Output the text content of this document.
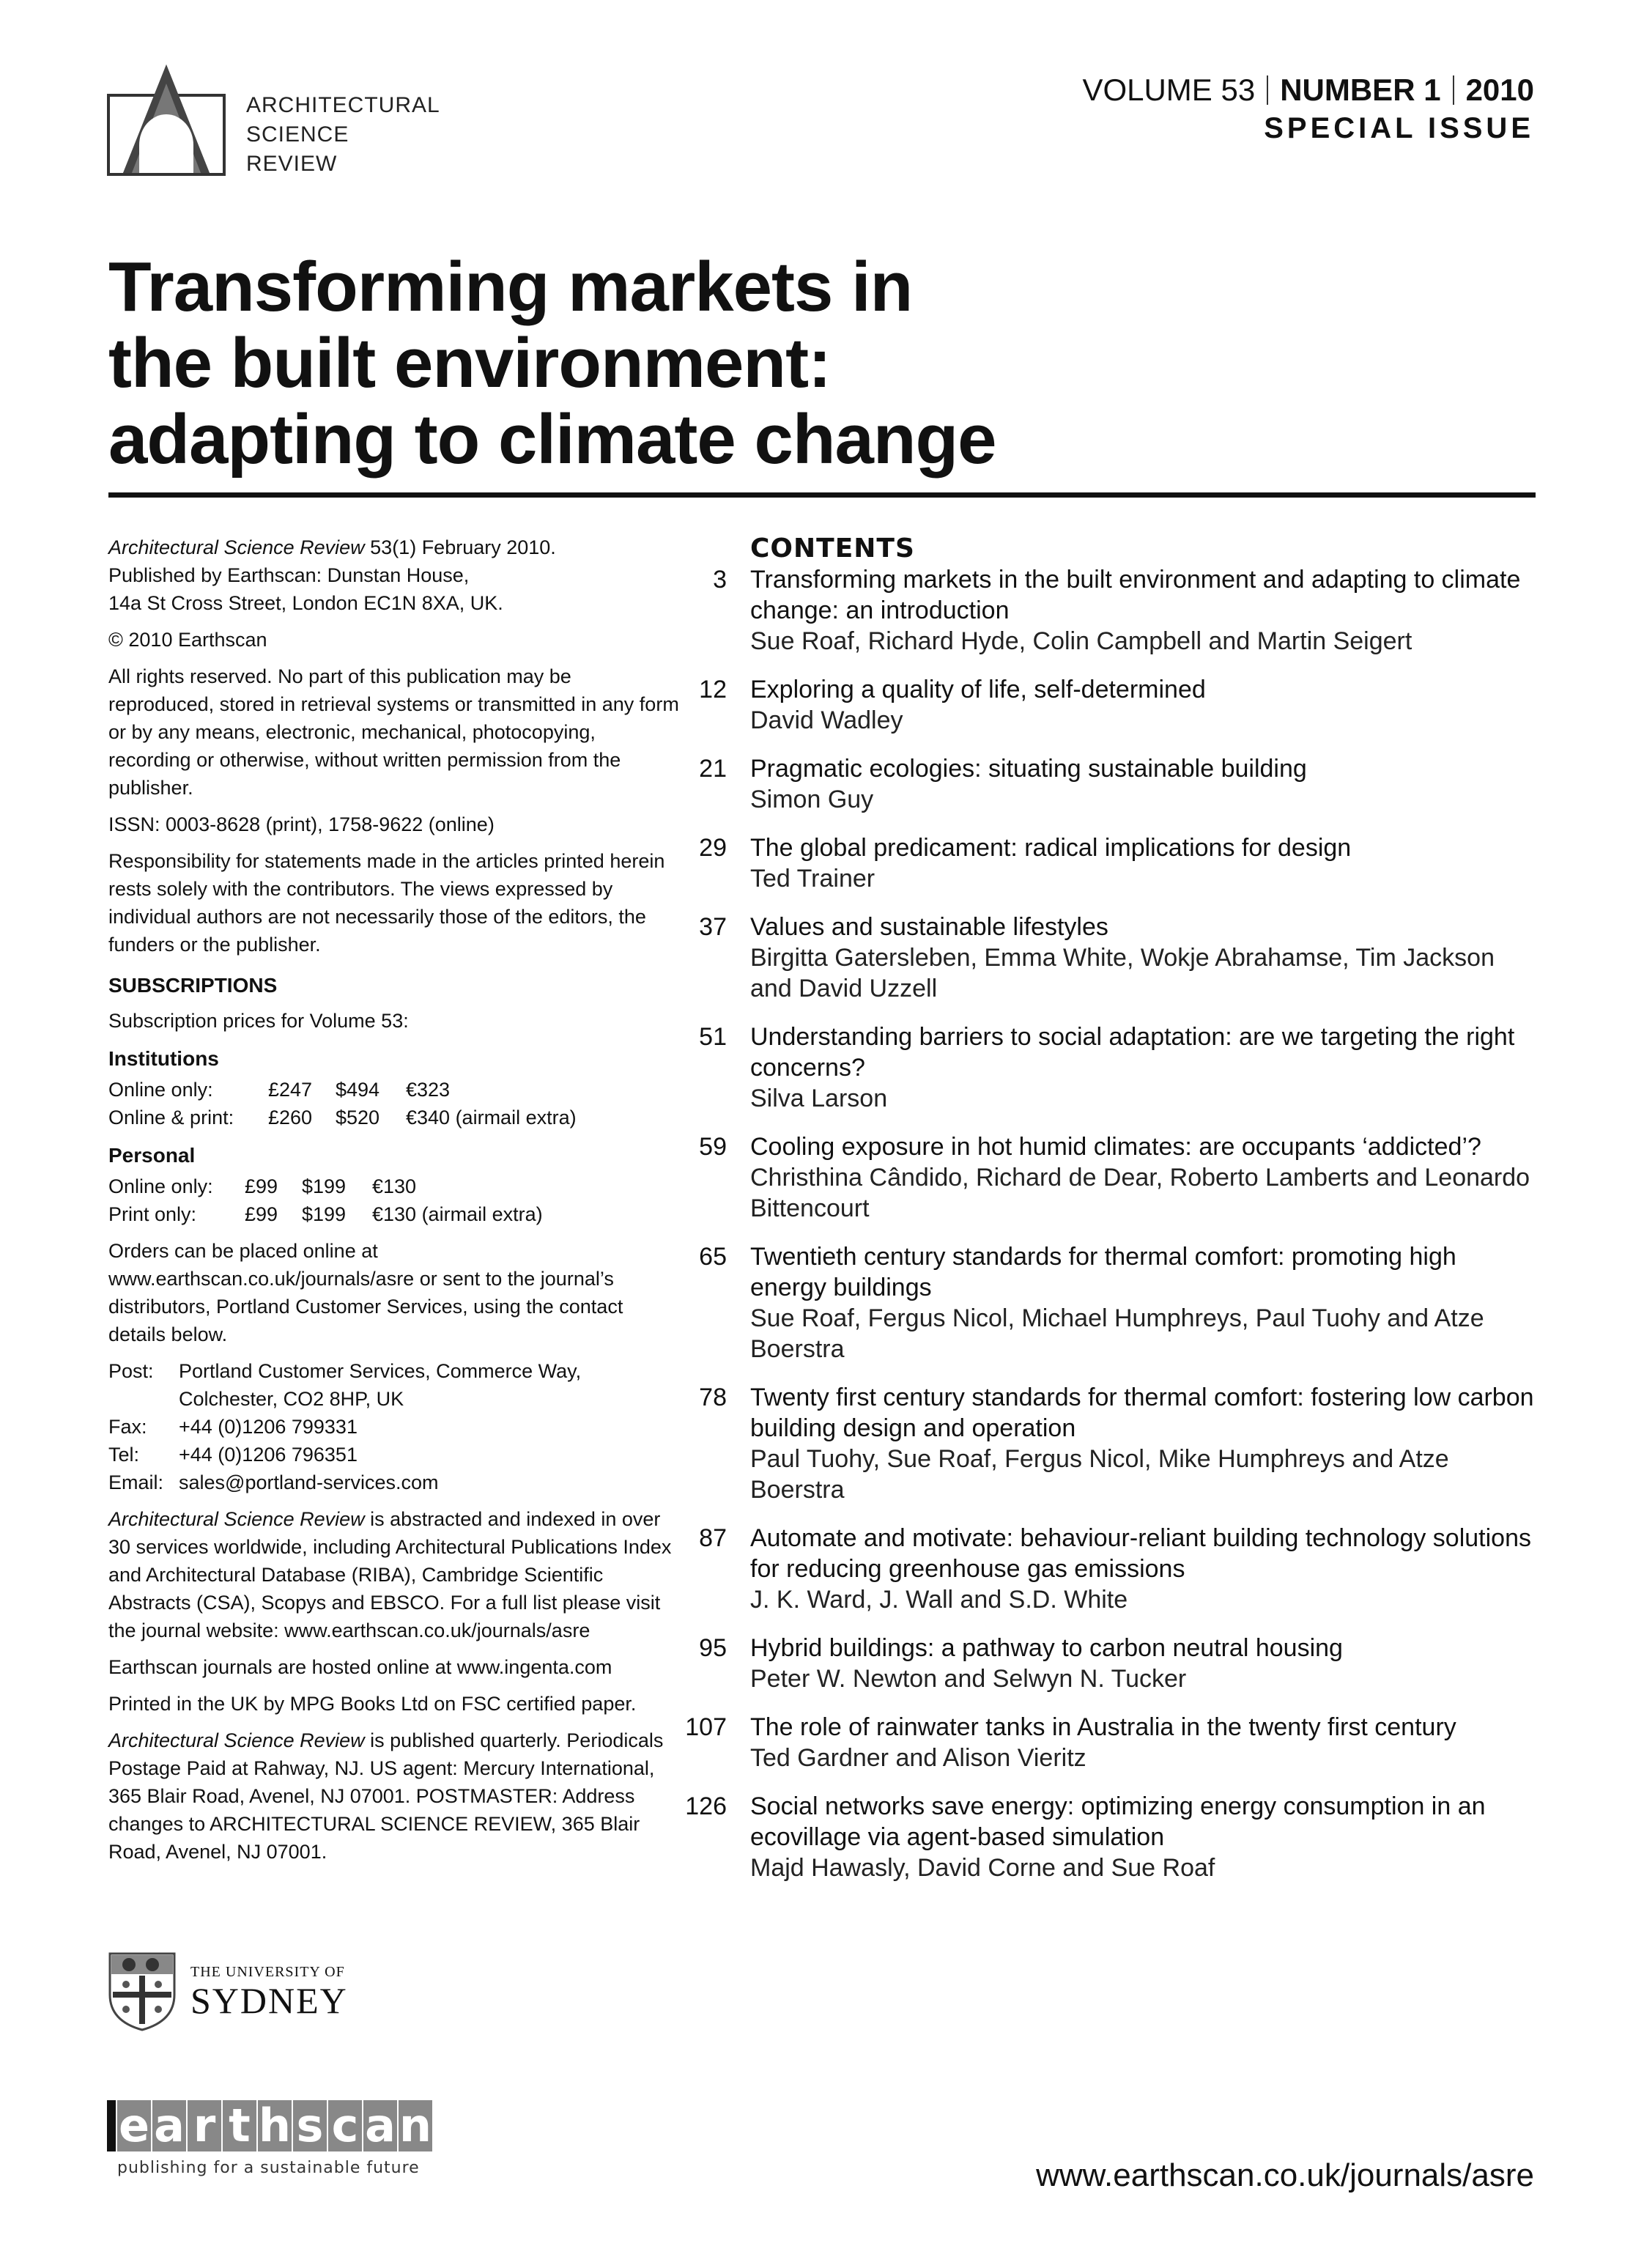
ARCHITECTURAL
SCIENCE
REVIEW
VOLUME 53 NUMBER 1 2010
SPECIAL ISSUE
Transforming markets in
the built environment:
adapting to climate change

Architectural Science Review 53(1) February 2010.
Published by Earthscan: Dunstan House,
14a St Cross Street, London EC1N 8XA, UK.

© 2010 Earthscan

All rights reserved. No part of this publication may be reproduced, stored in retrieval systems or transmitted in any form or by any means, electronic, mechanical, photocopying, recording or otherwise, without written permission from the publisher.

ISSN: 0003-8628 (print), 1758-9622 (online)

Responsibility for statements made in the articles printed herein rests solely with the contributors. The views expressed by individual authors are not necessarily those of the editors, the funders or the publisher.

SUBSCRIPTIONS

Subscription prices for Volume 53:

Institutions
Online only:	£247	$494	€323
Online & print:	£260	$520	€340 (airmail extra)
Personal
Online only:	£99	$199	€130
Print only:	£99	$199	€130 (airmail extra)

Orders can be placed online at www.earthscan.co.uk/journals/asre or sent to the journal’s distributors, Portland Customer Services, using the contact details below.

Post:	Portland Customer Services, Commerce Way, Colchester, CO2 8HP, UK
Fax:	+44 (0)1206 799331
Tel:	+44 (0)1206 796351
Email: sales@portland-services.com

Architectural Science Review is abstracted and indexed in over 30 services worldwide, including Architectural Publications Index and Architectural Database (RIBA), Cambridge Scientific Abstracts (CSA), Scopys and EBSCO. For a full list please visit the journal website: www.earthscan.co.uk/journals/asre

Earthscan journals are hosted online at www.ingenta.com

Printed in the UK by MPG Books Ltd on FSC certified paper.

Architectural Science Review is published quarterly. Periodicals Postage Paid at Rahway, NJ. US agent: Mercury International, 365 Blair Road, Avenel, NJ 07001. POSTMASTER: Address changes to ARCHITECTURAL SCIENCE REVIEW, 365 Blair Road, Avenel, NJ 07001.

CONTENTS
3 Transforming markets in the built environment and adapting to climate change: an introduction
Sue Roaf, Richard Hyde, Colin Campbell and Martin Seigert
12 Exploring a quality of life, self-determined
David Wadley
21 Pragmatic ecologies: situating sustainable building
Simon Guy
29 The global predicament: radical implications for design
Ted Trainer
37 Values and sustainable lifestyles
Birgitta Gatersleben, Emma White, Wokje Abrahamse, Tim Jackson and David Uzzell
51 Understanding barriers to social adaptation: are we targeting the right concerns?
Silva Larson
59 Cooling exposure in hot humid climates: are occupants ‘addicted’?
Christhina Cândido, Richard de Dear, Roberto Lamberts and Leonardo Bittencourt
65 Twentieth century standards for thermal comfort: promoting high energy buildings
Sue Roaf, Fergus Nicol, Michael Humphreys, Paul Tuohy and Atze Boerstra
78 Twenty first century standards for thermal comfort: fostering low carbon building design and operation
Paul Tuohy, Sue Roaf, Fergus Nicol, Mike Humphreys and Atze Boerstra
87 Automate and motivate: behaviour-reliant building technology solutions for reducing greenhouse gas emissions
J. K. Ward, J. Wall and S.D. White
95 Hybrid buildings: a pathway to carbon neutral housing
Peter W. Newton and Selwyn N. Tucker
107 The role of rainwater tanks in Australia in the twenty first century
Ted Gardner and Alison Vieritz
126 Social networks save energy: optimizing energy consumption in an ecovillage via agent-based simulation
Majd Hawasly, David Corne and Sue Roaf
THE UNIVERSITY OF
SYDNEY
e a r t h s c a n
publishing for a sustainable future	www.earthscan.co.uk/journals/asre
